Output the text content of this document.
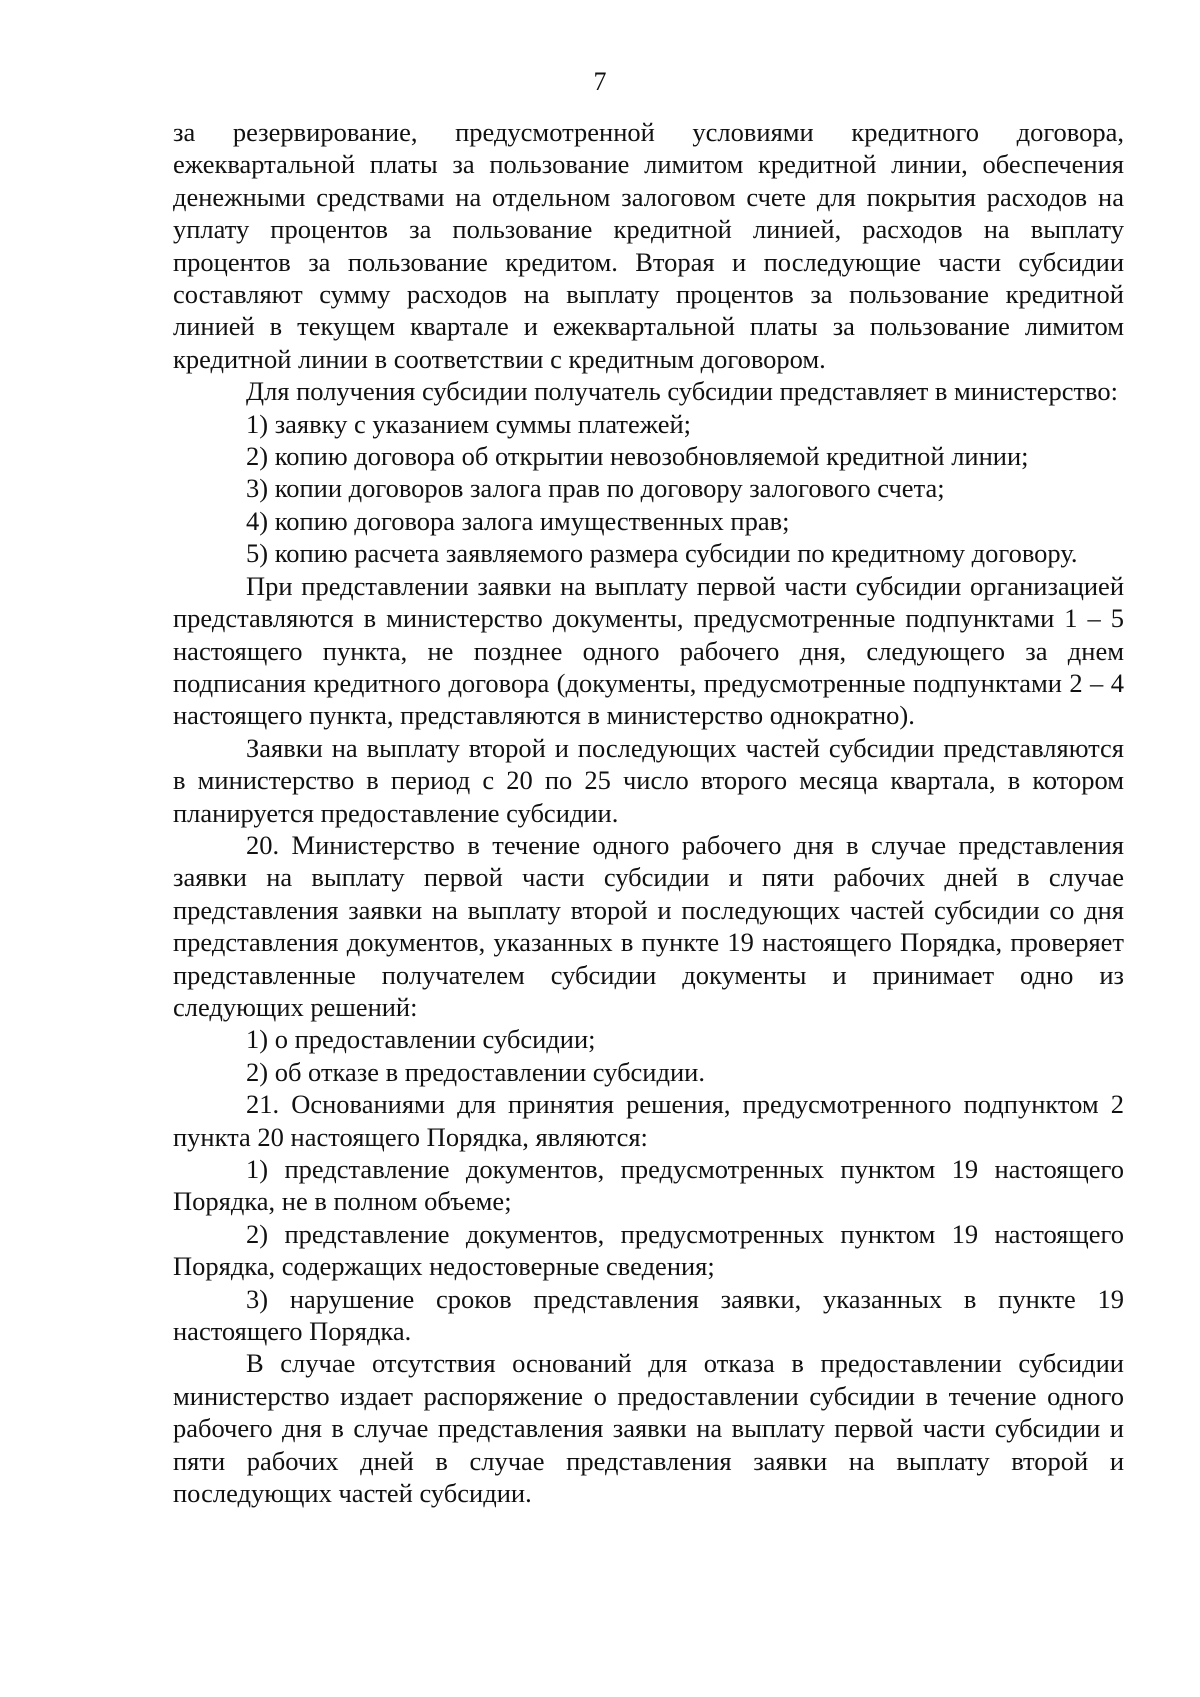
7

за резервирование, предусмотренной условиями кредитного договора, ежеквартальной платы за пользование лимитом кредитной линии, обеспечения денежными средствами на отдельном залоговом счете для покрытия расходов на уплату процентов за пользование кредитной линией, расходов на выплату процентов за пользование кредитом. Вторая и последующие части субсидии составляют сумму расходов на выплату процентов за пользование кредитной линией в текущем квартале и ежеквартальной платы за пользование лимитом кредитной линии в соответствии с кредитным договором.

Для получения субсидии получатель субсидии представляет в министерство:

1) заявку с указанием суммы платежей;

2) копию договора об открытии невозобновляемой кредитной линии;

3) копии договоров залога прав по договору залогового счета;

4) копию договора залога имущественных прав;

5) копию расчета заявляемого размера субсидии по кредитному договору.

При представлении заявки на выплату первой части субсидии организацией представляются в министерство документы, предусмотренные подпунктами 1 – 5 настоящего пункта, не позднее одного рабочего дня, следующего за днем подписания кредитного договора (документы, предусмотренные подпунктами 2 – 4 настоящего пункта, представляются в министерство однократно).

Заявки на выплату второй и последующих частей субсидии представляются в министерство в период с 20 по 25 число второго месяца квартала, в котором планируется предоставление субсидии.

20. Министерство в течение одного рабочего дня в случае представления заявки на выплату первой части субсидии и пяти рабочих дней в случае представления заявки на выплату второй и последующих частей субсидии со дня представления документов, указанных в пункте 19 настоящего Порядка, проверяет представленные получателем субсидии документы и принимает одно из следующих решений:

1) о предоставлении субсидии;

2) об отказе в предоставлении субсидии.

21. Основаниями для принятия решения, предусмотренного подпунктом 2 пункта 20 настоящего Порядка, являются:

1) представление документов, предусмотренных пунктом 19 настоящего Порядка, не в полном объеме;

2) представление документов, предусмотренных пунктом 19 настоящего Порядка, содержащих недостоверные сведения;

3) нарушение сроков представления заявки, указанных в пункте 19 настоящего Порядка.

В случае отсутствия оснований для отказа в предоставлении субсидии министерство издает распоряжение о предоставлении субсидии в течение одного рабочего дня в случае представления заявки на выплату первой части субсидии и пяти рабочих дней в случае представления заявки на выплату второй и последующих частей субсидии.
